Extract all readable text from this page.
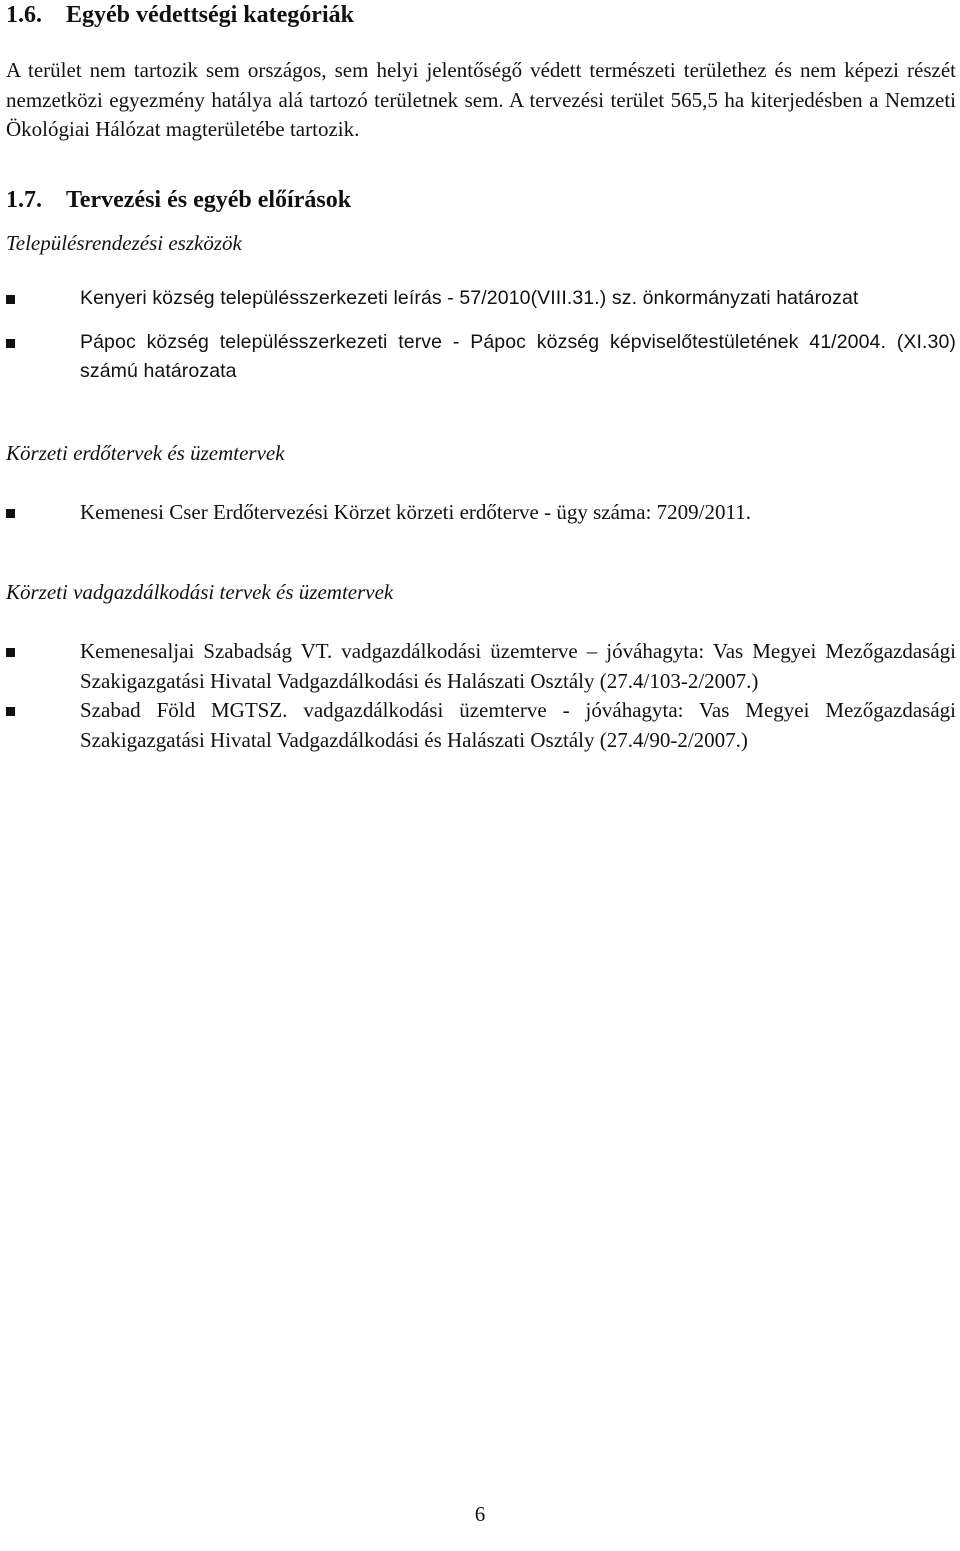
1.6. Egyéb védettségi kategóriák

A terület nem tartozik sem országos, sem helyi jelentőségő védett természeti területhez és nem képezi részét nemzetközi egyezmény hatálya alá tartozó területnek sem. A tervezési terület 565,5 ha kiterjedésben a Nemzeti Ökológiai Hálózat magterületébe tartozik.

1.7. Tervezési és egyéb előírások
Településrendezési eszközök
Kenyeri község településszerkezeti leírás - 57/2010(VIII.31.) sz. önkormányzati határozat
Pápoc község településszerkezeti terve - Pápoc község képviselőtestületének 41/2004. (XI.30) számú határozata
Körzeti erdőtervek és üzemtervek
Kemenesi Cser Erdőtervezési Körzet körzeti erdőterve - ügy száma: 7209/2011.
Körzeti vadgazdálkodási tervek és üzemtervek
Kemenesaljai Szabadság VT. vadgazdálkodási üzemterve – jóváhagyta: Vas Megyei Mezőgazdasági Szakigazgatási Hivatal Vadgazdálkodási és Halászati Osztály (27.4/103-2/2007.)
Szabad Föld MGTSZ. vadgazdálkodási üzemterve - jóváhagyta: Vas Megyei Mezőgazdasági Szakigazgatási Hivatal Vadgazdálkodási és Halászati Osztály (27.4/90-2/2007.)
6
